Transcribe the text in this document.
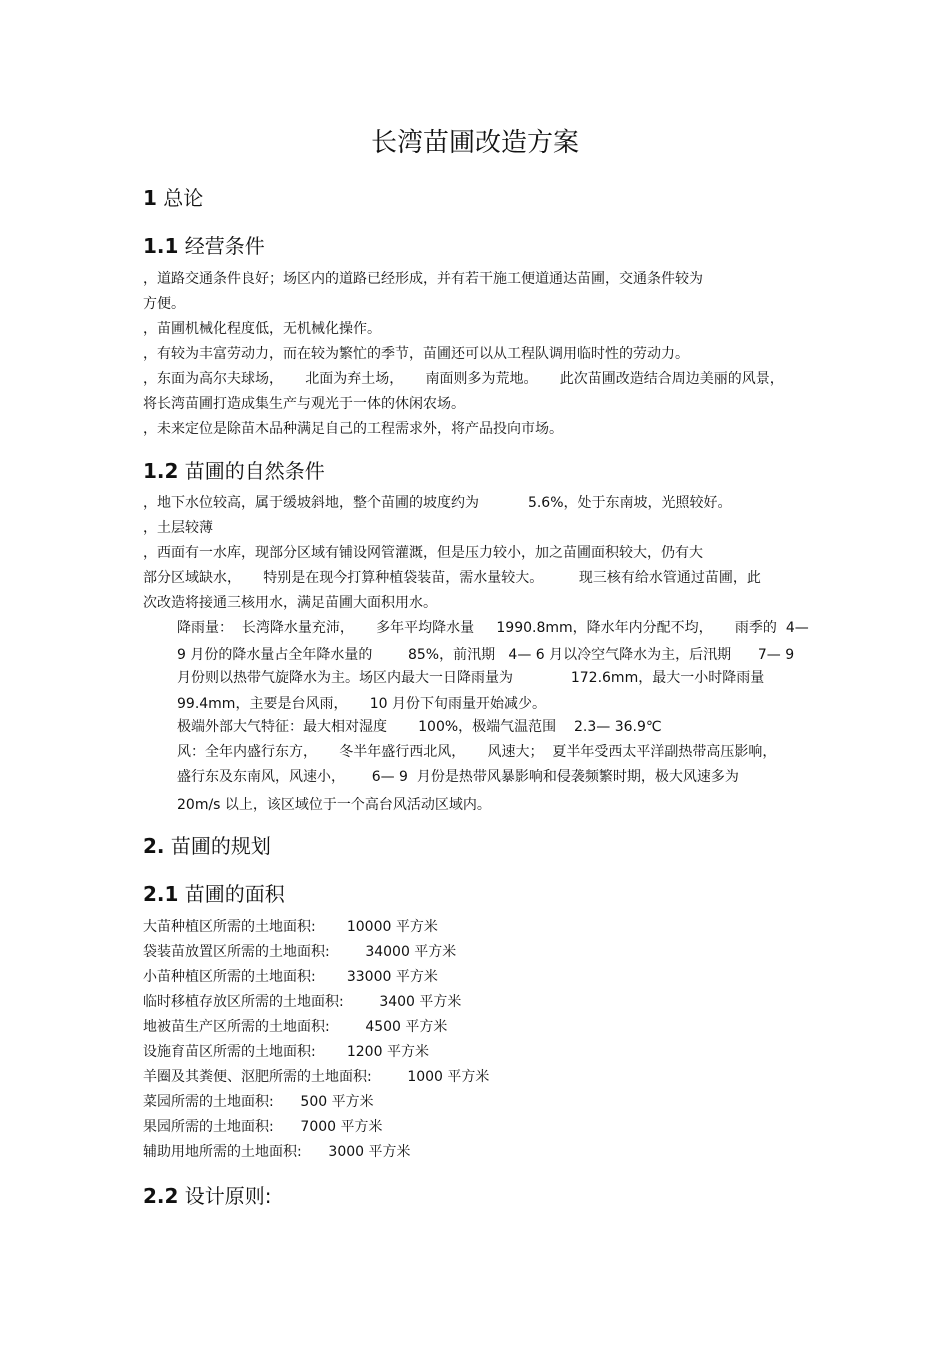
长湾苗圃改造方案
1 总论
1.1 经营条件

，道路交通条件良好；场区内的道路已经形成，并有若干施工便道通达苗圃，交通条件较为

方便。

，苗圃机械化程度低，无机械化操作。

，有较为丰富劳动力，而在较为繁忙的季节，苗圃还可以从工程队调用临时性的劳动力。

，东面为高尔夫球场，     北面为弃土场，     南面则多为荒地。     此次苗圃改造结合周边美丽的风景，

将长湾苗圃打造成集生产与观光于一体的休闲农场。

，未来定位是除苗木品种满足自己的工程需求外，将产品投向市场。

1.2 苗圃的自然条件

，地下水位较高，属于缓坡斜地，整个苗圃的坡度约为           5.6%，处于东南坡，光照较好。

，土层较薄

，西面有一水库，现部分区域有铺设网管灌溉，但是压力较小，加之苗圃面积较大，仍有大

部分区域缺水，     特别是在现今打算种植袋装苗，需水量较大。        现三核有给水管通过苗圃，此

次改造将接通三核用水，满足苗圃大面积用水。

降雨量：  长湾降水量充沛，     多年平均降水量     1990.8mm，降水年内分配不均，     雨季的  4—

9 月份的降水量占全年降水量的        85%，前汛期   4— 6 月以冷空气降水为主，后汛期      7— 9

月份则以热带气旋降水为主。场区内最大一日降雨量为             172.6mm，最大一小时降雨量

99.4mm，主要是台风雨，     10 月份下旬雨量开始减少。

极端外部大气特征：最大相对湿度       100%，极端气温范围    2.3— 36.9℃

风：全年内盛行东方，     冬半年盛行西北风，     风速大；  夏半年受西太平洋副热带高压影响，

盛行东及东南风，风速小，      6— 9  月份是热带风暴影响和侵袭频繁时期，极大风速多为

20m/s 以上，该区域位于一个高台风活动区域内。

2. 苗圃的规划
2.1 苗圃的面积

大苗种植区所需的土地面积:       10000 平方米

袋装苗放置区所需的土地面积:        34000 平方米

小苗种植区所需的土地面积:       33000 平方米

临时移植存放区所需的土地面积:        3400 平方米

地被苗生产区所需的土地面积:        4500 平方米

设施育苗区所需的土地面积:       1200 平方米

羊圈及其粪便、沤肥所需的土地面积:        1000 平方米

菜园所需的土地面积:      500 平方米

果园所需的土地面积:      7000 平方米

辅助用地所需的土地面积:      3000 平方米

2.2 设计原则:
